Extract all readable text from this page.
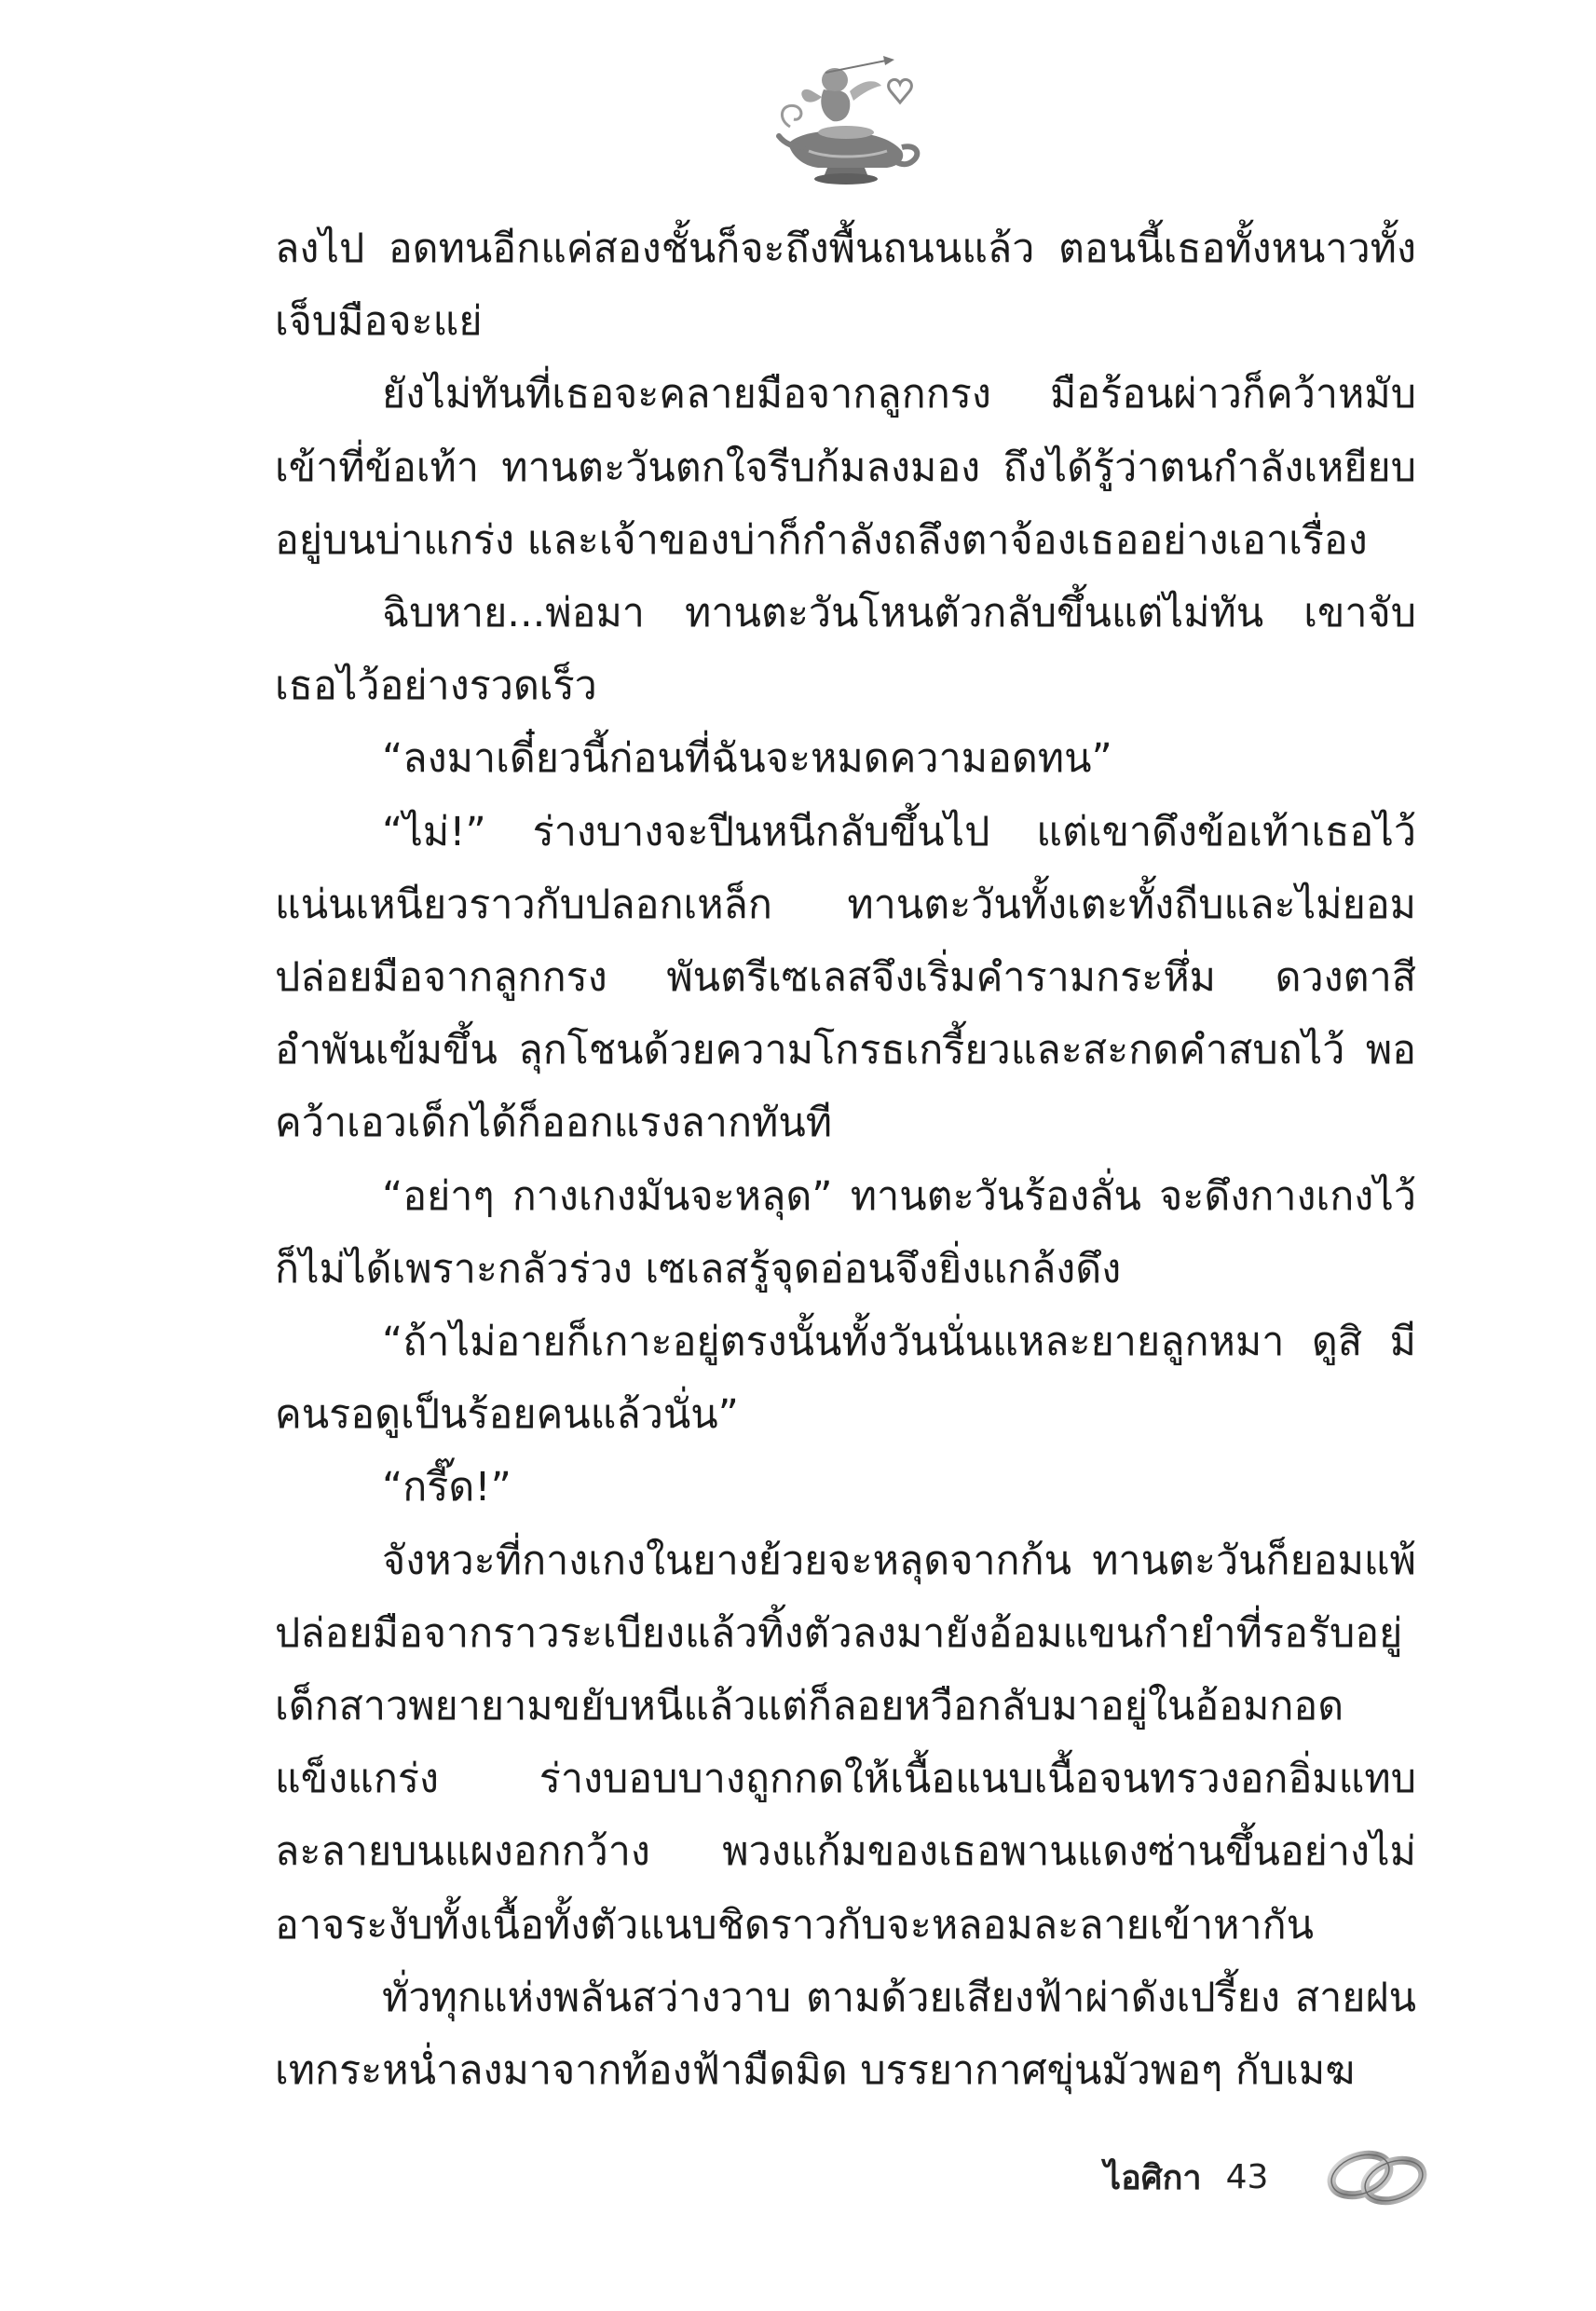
ลงไป อดทนอีกแค่สองชั้นก็จะถึงพื้นถนนแล้ว ตอนนี้เธอทั้งหนาวทั้งเจ็บมือจะแย่

ยังไม่ทันที่เธอจะคลายมือจากลูกกรง มือร้อนผ่าวก็คว้าหมับเข้าที่ข้อเท้า ทานตะวันตกใจรีบก้มลงมอง ถึงได้รู้ว่าตนกำลังเหยียบอยู่บนบ่าแกร่ง และเจ้าของบ่าก็กำลังถลึงตาจ้องเธออย่างเอาเรื่อง

ฉิบหาย...พ่อมา ทานตะวันโหนตัวกลับขึ้นแต่ไม่ทัน เขาจับเธอไว้อย่างรวดเร็ว

“ลงมาเดี๋ยวนี้ก่อนที่ฉันจะหมดความอดทน”

“ไม่!” ร่างบางจะปีนหนีกลับขึ้นไป แต่เขาดึงข้อเท้าเธอไว้แน่นเหนียวราวกับปลอกเหล็ก ทานตะวันทั้งเตะทั้งถีบและไม่ยอมปล่อยมือจากลูกกรง พันตรีเซเลสจึงเริ่มคำรามกระหึ่ม ดวงตาสีอำพันเข้มขึ้น ลุกโชนด้วยความโกรธเกรี้ยวและสะกดคำสบถไว้ พอคว้าเอวเด็กได้ก็ออกแรงลากทันที

“อย่าๆ กางเกงมันจะหลุด” ทานตะวันร้องลั่น จะดึงกางเกงไว้ก็ไม่ได้เพราะกลัวร่วง เซเลสรู้จุดอ่อนจึงยิ่งแกล้งดึง

“ถ้าไม่อายก็เกาะอยู่ตรงนั้นทั้งวันนั่นแหละยายลูกหมา ดูสิ มีคนรอดูเป็นร้อยคนแล้วนั่น”

“กรี๊ด!”

จังหวะที่กางเกงในยางย้วยจะหลุดจากก้น ทานตะวันก็ยอมแพ้ปล่อยมือจากราวระเบียงแล้วทิ้งตัวลงมายังอ้อมแขนกำยำที่รอรับอยู่ เด็กสาวพยายามขยับหนีแล้วแต่ก็ลอยหวือกลับมาอยู่ในอ้อมกอดแข็งแกร่ง ร่างบอบบางถูกกดให้เนื้อแนบเนื้อจนทรวงอกอิ่มแทบละลายบนแผงอกกว้าง พวงแก้มของเธอพานแดงซ่านขึ้นอย่างไม่อาจระงับทั้งเนื้อทั้งตัวแนบชิดราวกับจะหลอมละลายเข้าหากัน

ทั่วทุกแห่งพลันสว่างวาบ ตามด้วยเสียงฟ้าผ่าดังเปรี้ยง สายฝนเทกระหน่ำลงมาจากท้องฟ้ามืดมิด บรรยากาศขุ่นมัวพอๆ กับเมฆ

ไอศิกา 43
